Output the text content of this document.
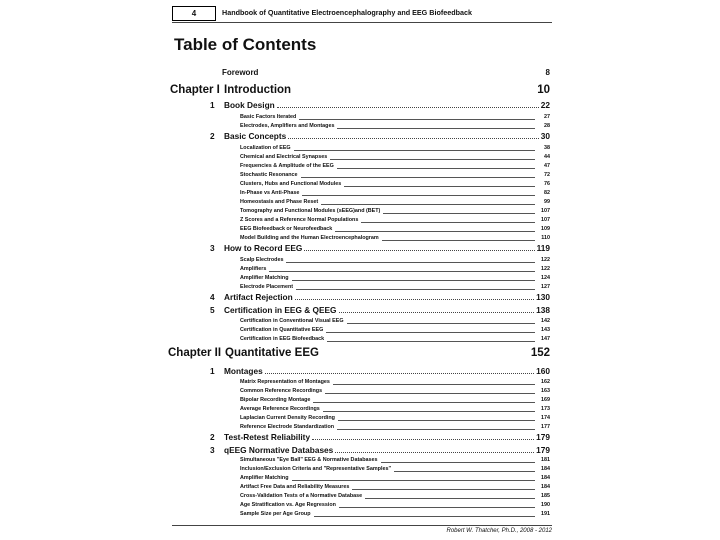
4	Handbook of Quantitative Electroencephalography and EEG Biofeedback
Table of Contents
Foreword	8
Chapter I Introduction	10
1 Book Design	22
Basic Factors Iterated	27
Electrodes, Amplifiers and Montages	28
2 Basic Concepts	30
Localization of EEG	38
Chemical and Electrical Synapses	44
Frequencies & Amplitude of the EEG	47
Stochastic Resonance	72
Clusters, Hubs and Functional Modules	76
In-Phase vs Anti-Phase	82
Homeostasis and Phase Reset	99
Tomography and Functional Modules (sEEG)and (BET)	107
Z Scores and a Reference Normal Populations	107
EEG Biofeedback or Neurofeedback	109
Model Building and the Human Electroencephalogram	110
3 How to Record EEG	119
Scalp Electrodes	122
Amplifiers	122
Amplifier Matching	124
Electrode Placement	127
4 Artifact Rejection	130
5 Certification in EEG & QEEG	138
Certification in Conventional Visual EEG	142
Certification in Quantitative EEG	143
Certification in EEG Biofeedback	147
Chapter II Quantitative EEG	152
1 Montages	160
Matrix Representation of Montages	162
Common Reference Recordings	163
Bipolar Recording Montage	169
Average Reference Recordings	173
Laplacian Current Density Recording	174
Reference Electrode Standardization	177
2 Test-Retest Reliability	179
3 qEEG Normative Databases	179
Simultaneous "Eye Ball" EEG & Normative Databases	181
Inclusion/Exclusion Criteria and "Representative Samples"	184
Amplifier Matching	184
Artifact Free Data and Reliability Measures	184
Cross-Validation Tests of a Normative Database	185
Age Stratification vs. Age Regression	190
Sample Size per Age Group	191
Robert W. Thatcher, Ph.D., 2008 - 2012
